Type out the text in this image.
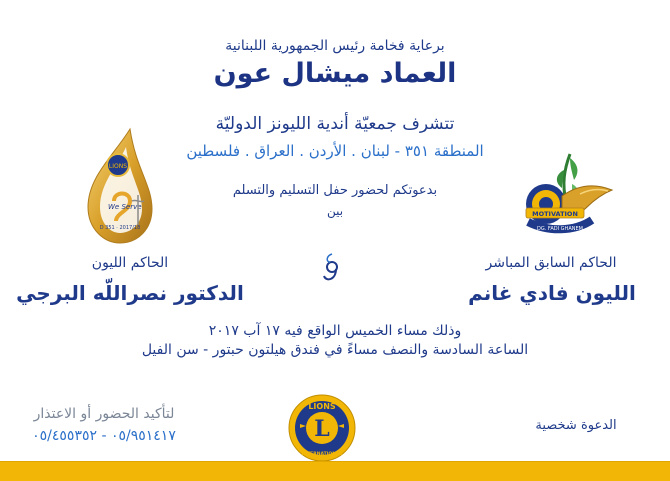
برعاية فخامة رئيس الجمهورية اللبنانية
العماد ميشال عون
تتشرف جمعيّة أندية الليونز الدوليّة
المنطقة ٣٥١ - لبنان . الأردن . العراق . فلسطين
بدعوتكم لحضور حفل التسليم والتسلم
بين
LIONS
We Serve
D 351 · 2017/18
MOTIVATION
DG. FADI GHANEM
الحاكم الليون
الدكتور نصراللّه البرجي
الحاكم السابق المباشر
الليون فادي غانم
وذلك مساء الخميس الواقع فيه ١٧ آب ٢٠١٧
الساعة السادسة والنصف مساءً في فندق هيلتون حبتور - سن الفيل
لتأكيد الحضور أو الاعتذار
٠٥/٩٥١٤١٧ - ٠٥/٤٥٥٣٥٢
الدعوة شخصية
L
LIONS
INTERNATIONAL
